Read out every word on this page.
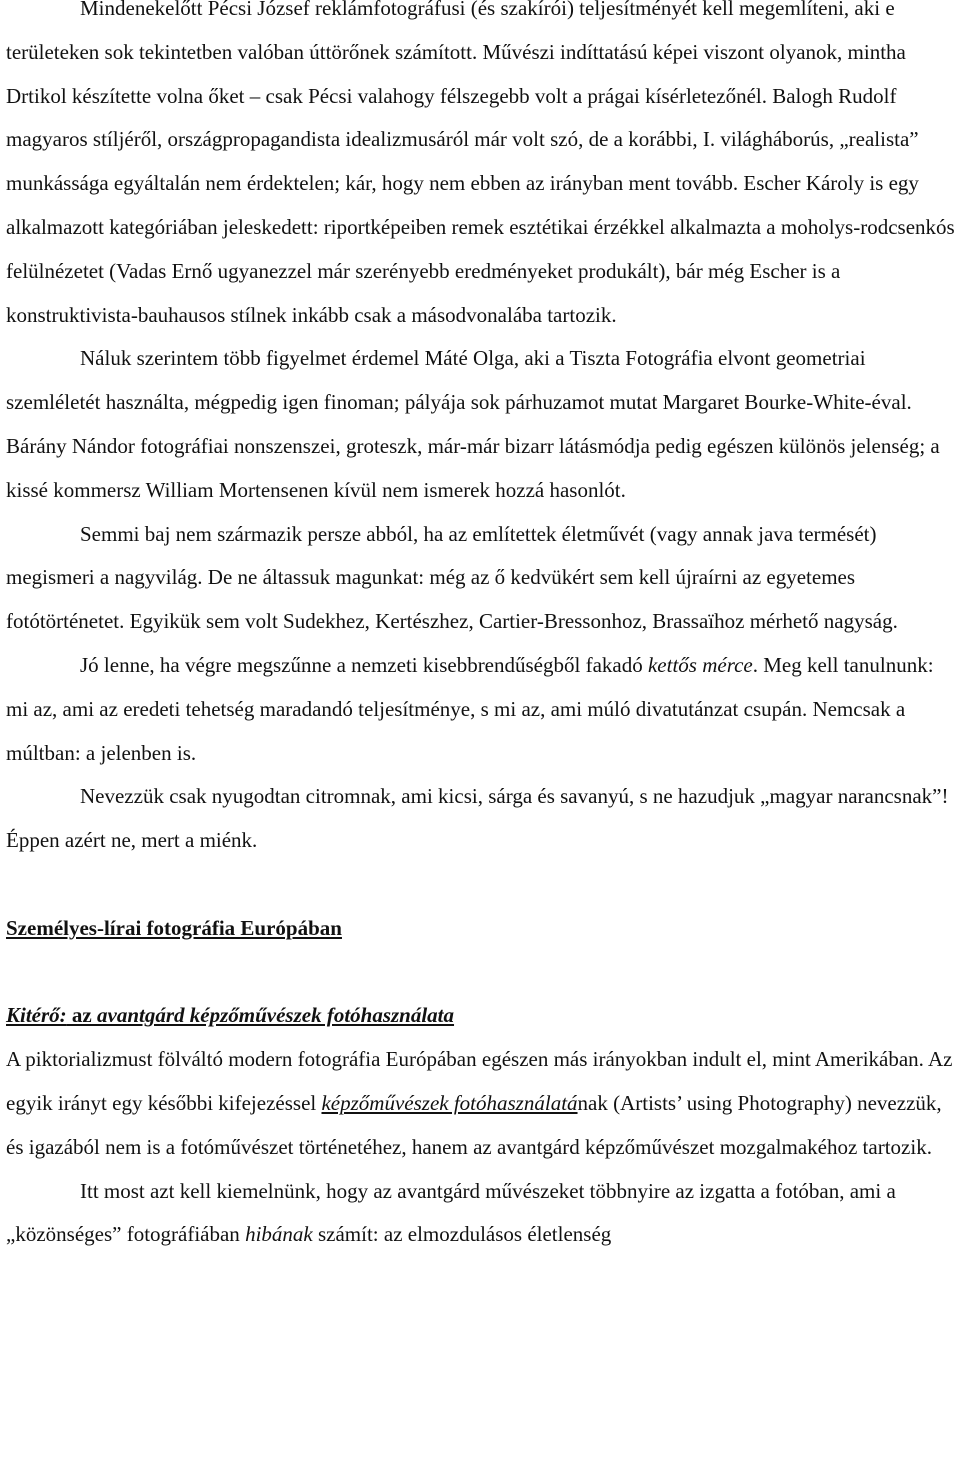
Mindenekelőtt Pécsi József reklámfotográfusi (és szakírói) teljesítményét kell megemlíteni, aki e területeken sok tekintetben valóban úttörőnek számított. Művészi indíttatású képei viszont olyanok, mintha Drtikol készítette volna őket – csak Pécsi valahogy félszegebb volt a prágai kísérletezőnél. Balogh Rudolf magyaros stíljéről, országpropagandista idealizmusáról már volt szó, de a korábbi, I. világháborús, „realista” munkássága egyáltalán nem érdektelen; kár, hogy nem ebben az irányban ment tovább. Escher Károly is egy alkalmazott kategóriában jeleskedett: riportképeiben remek esztétikai érzékkel alkalmazta a moholys-rodcsenkós felülnézetet (Vadas Ernő ugyanezzel már szerényebb eredményeket produkált), bár még Escher is a konstruktivista-bauhausos stílnek inkább csak a másodvonalába tartozik.

Náluk szerintem több figyelmet érdemel Máté Olga, aki a Tiszta Fotográfia elvont geometriai szemléletét használta, mégpedig igen finoman; pályája sok párhuzamot mutat Margaret Bourke-White-éval. Bárány Nándor fotográfiai nonszenszei, groteszk, már-már bizarr látásmódja pedig egészen különös jelenség; a kissé kommersz William Mortensenen kívül nem ismerek hozzá hasonlót.

Semmi baj nem származik persze abból, ha az említettek életművét (vagy annak java termését) megismeri a nagyvilág. De ne áltassuk magunkat: még az ő kedvükért sem kell újraírni az egyetemes fotótörténetet. Egyikük sem volt Sudekhez, Kertészhez, Cartier-Bressonhoz, Brassaïhoz mérhető nagyság.

Jó lenne, ha végre megszűnne a nemzeti kisebbrendűségből fakadó kettős mérce. Meg kell tanulnunk: mi az, ami az eredeti tehetség maradandó teljesítménye, s mi az, ami múló divatutánzat csupán. Nemcsak a múltban: a jelenben is.

Nevezzük csak nyugodtan citromnak, ami kicsi, sárga és savanyú, s ne hazudjuk „magyar narancsnak”! Éppen azért ne, mert a miénk.

Személyes-lírai fotográfia Európában

Kitérő: az avantgárd képzőművészek fotóhasználata

A piktorializmust fölváltó modern fotográfia Európában egészen más irányokban indult el, mint Amerikában. Az egyik irányt egy későbbi kifejezéssel képzőművészek fotóhasználatának (Artists’ using Photography) nevezzük, és igazából nem is a fotóművészet történetéhez, hanem az avantgárd képzőművészet mozgalmakéhoz tartozik.

Itt most azt kell kiemelnünk, hogy az avantgárd művészeket többnyire az izgatta a fotóban, ami a „közönséges” fotográfiában hibának számít: az elmozdulásos életlenség
